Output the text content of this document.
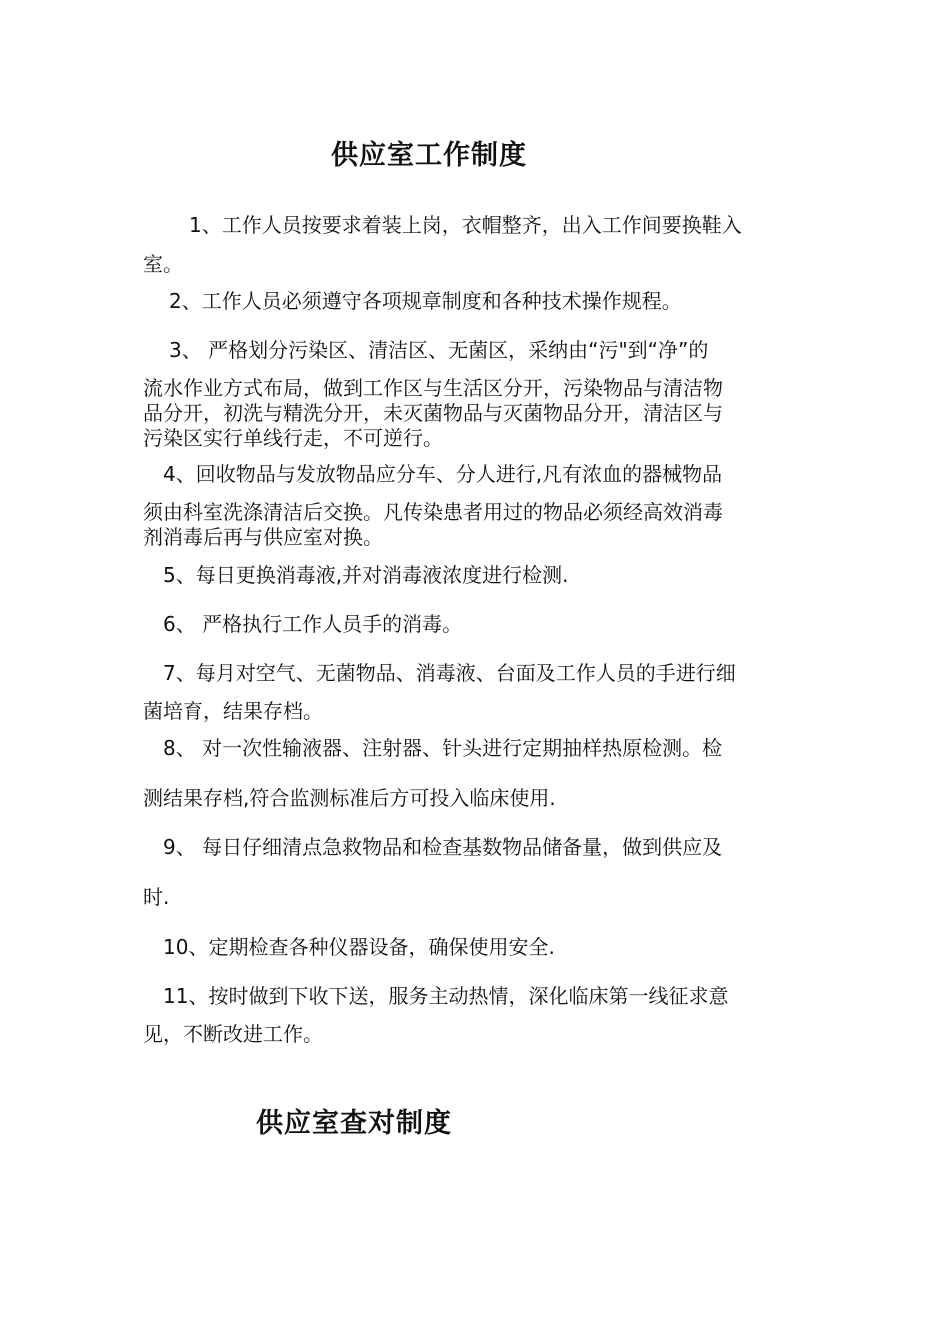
供应室工作制度
1、工作人员按要求着装上岗，衣帽整齐，出入工作间要换鞋入
室。
2、工作人员必须遵守各项规章制度和各种技术操作规程。
3、 严格划分污染区、清洁区、无菌区，采纳由“污"到“净”的
流水作业方式布局，做到工作区与生活区分开，污染物品与清洁物
品分开，初洗与精洗分开，未灭菌物品与灭菌物品分开，清洁区与
污染区实行单线行走，不可逆行。
4、回收物品与发放物品应分车、分人进行,凡有浓血的器械物品
须由科室洗涤清洁后交换。凡传染患者用过的物品必须经高效消毒
剂消毒后再与供应室对换。
5、每日更换消毒液,并对消毒液浓度进行检测.
6、 严格执行工作人员手的消毒。
7、每月对空气、无菌物品、消毒液、台面及工作人员的手进行细
菌培育，结果存档。
8、 对一次性输液器、注射器、针头进行定期抽样热原检测。检
测结果存档,符合监测标准后方可投入临床使用.
9、 每日仔细清点急救物品和检查基数物品储备量，做到供应及
时.
10、定期检查各种仪器设备，确保使用安全.
11、按时做到下收下送，服务主动热情，深化临床第一线征求意
见，不断改进工作。
供应室查对制度
